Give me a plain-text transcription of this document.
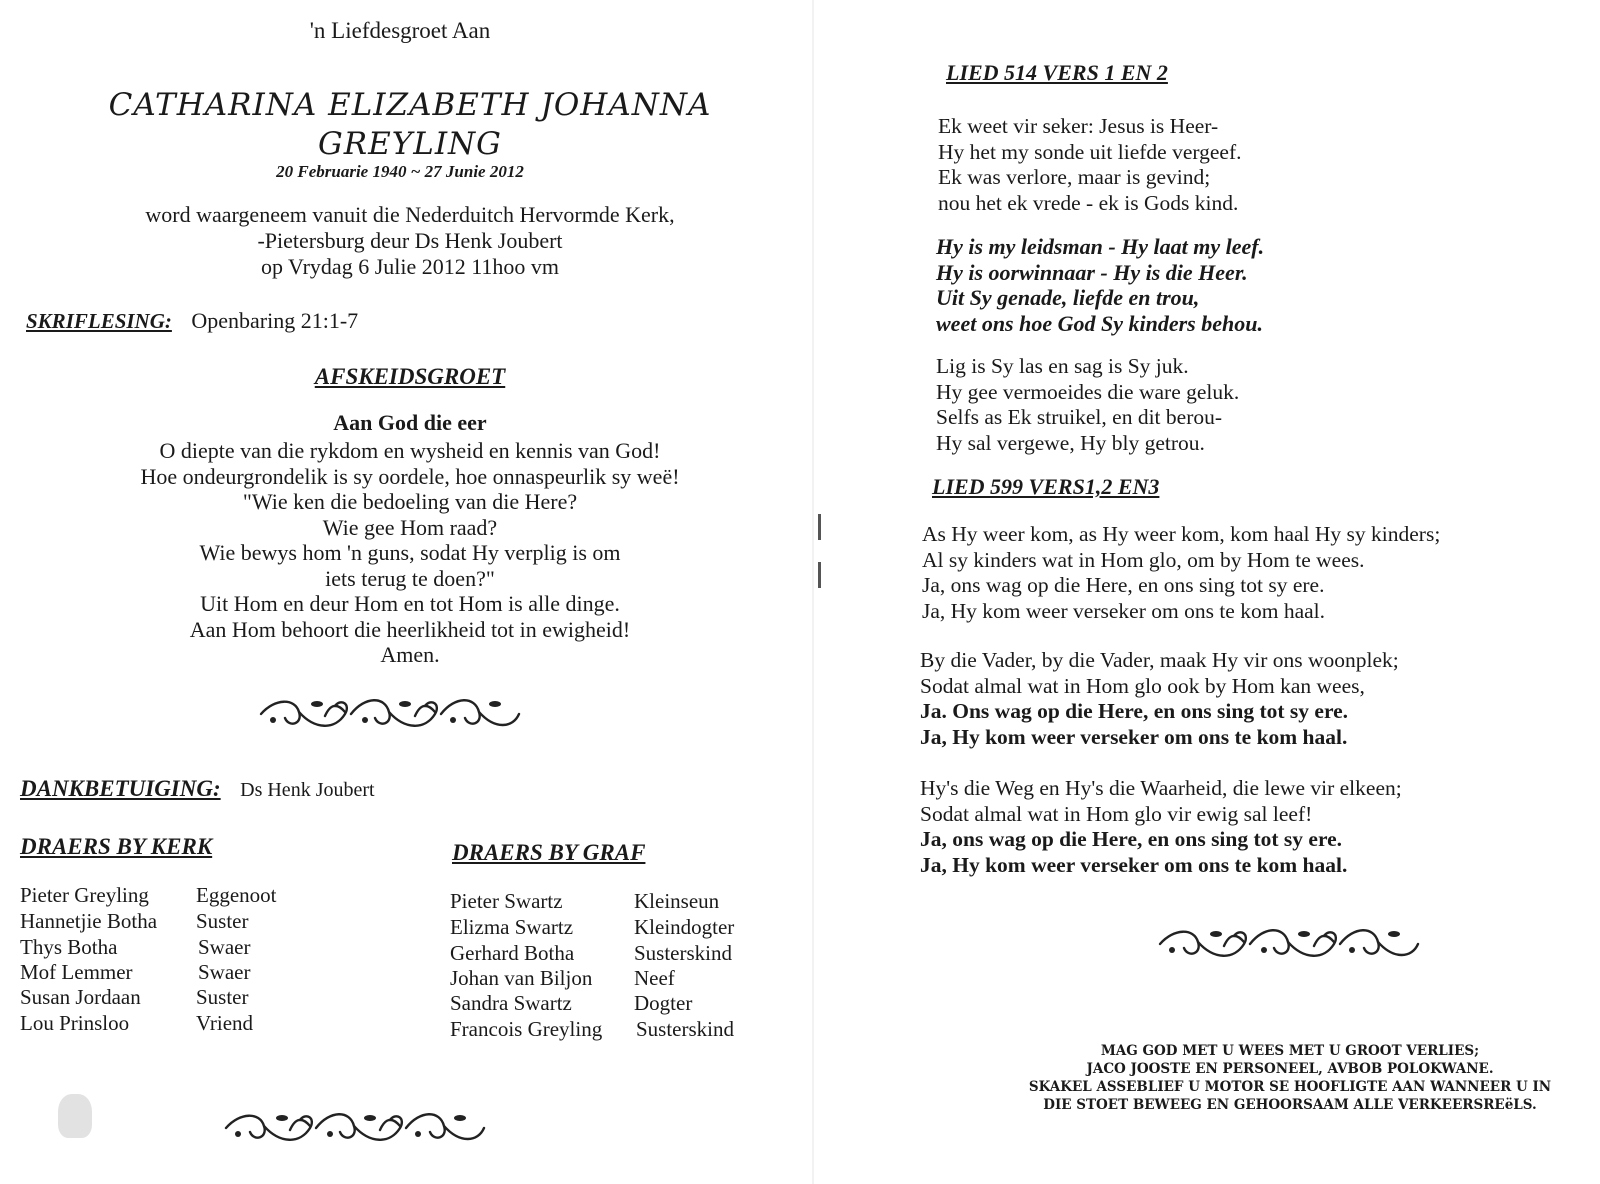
'n Liefdesgroet Aan
CATHARINA ELIZABETH JOHANNA
GREYLING
20 Februarie 1940 ~ 27 Junie 2012
word waargeneem vanuit die Nederduitch Hervormde Kerk,
-Pietersburg deur Ds Henk Joubert
op Vrydag 6 Julie 2012 11hoo vm
SKRIFLESING: Openbaring 21:1-7
AFSKEIDSGROET
Aan God die eer
O diepte van die rykdom en wysheid en kennis van God!
Hoe ondeurgrondelik is sy oordele, hoe onnaspeurlik sy weë!
"Wie ken die bedoeling van die Here?
Wie gee Hom raad?
Wie bewys hom 'n guns, sodat Hy verplig is om
iets terug te doen?"
Uit Hom en deur Hom en tot Hom is alle dinge.
Aan Hom behoort die heerlikheid tot in ewigheid!
Amen.
DANKBETUIGING: Ds Henk Joubert
DRAERS BY KERK
Pieter Greyling Eggenoot
Hannetjie Botha Suster
Thys Botha	Swaer
Mof Lemmer	Swaer
Susan Jordaan	Suster
Lou Prinsloo	Vriend
DRAERS BY GRAF
Pieter Swartz	Kleinseun
Elizma Swartz	Kleindogter
Gerhard Botha	Susterskind
Johan van Biljon Neef
Sandra Swartz	Dogter
Francois Greyling Susterskind
LIED 514 VERS 1 EN 2
Ek weet vir seker: Jesus is Heer-
Hy het my sonde uit liefde vergeef.
Ek was verlore, maar is gevind;
nou het ek vrede - ek is Gods kind.
Hy is my leidsman - Hy laat my leef.
Hy is oorwinnaar - Hy is die Heer.
Uit Sy genade, liefde en trou,
weet ons hoe God Sy kinders behou.
Lig is Sy las en sag is Sy juk.
Hy gee vermoeides die ware geluk.
Selfs as Ek struikel, en dit berou-
Hy sal vergewe, Hy bly getrou.
LIED 599 VERS1,2 EN3
As Hy weer kom, as Hy weer kom, kom haal Hy sy kinders;
Al sy kinders wat in Hom glo, om by Hom te wees.
Ja, ons wag op die Here, en ons sing tot sy ere.
Ja, Hy kom weer verseker om ons te kom haal.
By die Vader, by die Vader, maak Hy vir ons woonplek;
Sodat almal wat in Hom glo ook by Hom kan wees,
Ja. Ons wag op die Here, en ons sing tot sy ere.
Ja, Hy kom weer verseker om ons te kom haal.
Hy's die Weg en Hy's die Waarheid, die lewe vir elkeen;
Sodat almal wat in Hom glo vir ewig sal leef!
Ja, ons wag op die Here, en ons sing tot sy ere.
Ja, Hy kom weer verseker om ons te kom haal.
MAG GOD MET U WEES MET U GROOT VERLIES;
JACO JOOSTE EN PERSONEEL, AVBOB POLOKWANE.
SKAKEL ASSEBLIEF U MOTOR SE HOOFLIGTE AAN WANNEER U IN
DIE STOET BEWEEG EN GEHOORSAAM ALLE VERKEERSREëLS.
